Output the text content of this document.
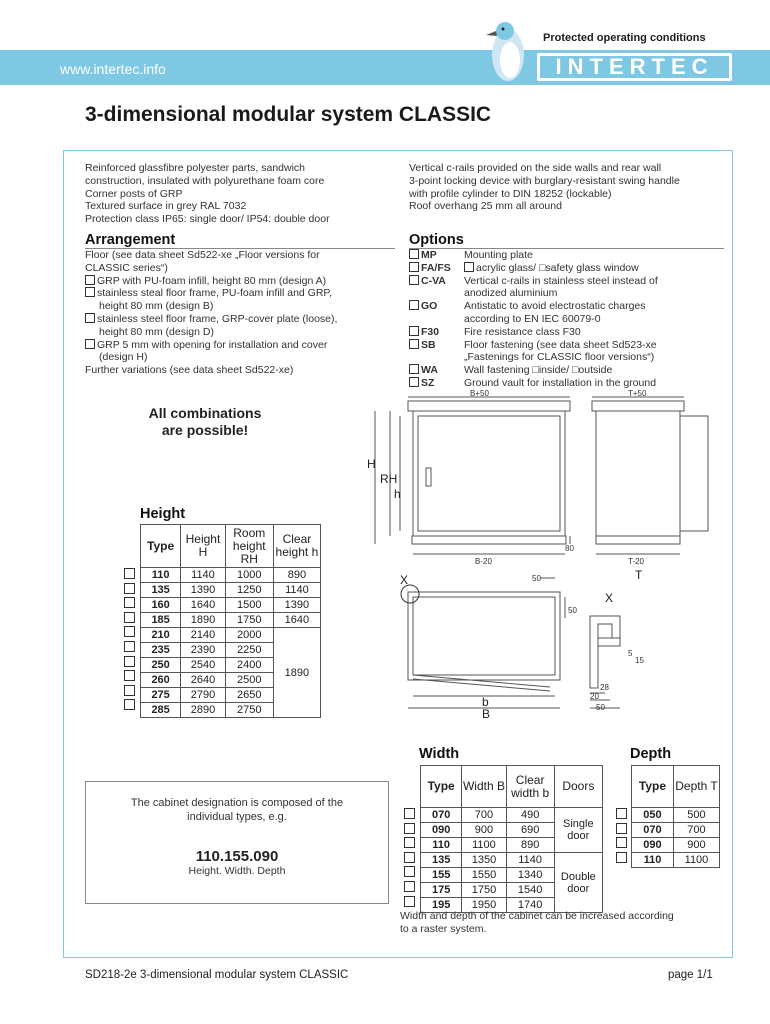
www.intertec.info
Protected operating conditions
INTERTEC
3-dimensional modular system CLASSIC
Reinforced glassfibre polyester parts, sandwich
construction, insulated with polyurethane foam core
Corner posts of GRP
Textured surface in grey RAL 7032
Protection class IP65: single door/ IP54: double door
Vertical c-rails provided on the side walls and rear wall
3-point locking device with burglary-resistant swing handle
with profile cylinder to DIN 18252 (lockable)
Roof overhang 25 mm all around
Arrangement
Floor (see data sheet Sd522-xe „Floor versions for
CLASSIC series“)
GRP with PU-foam infill, height 80 mm (design A)
stainless steal floor frame, PU-foam infill and GRP,
height 80 mm (design B)
stainless steel floor frame, GRP-cover plate (loose),
height 80 mm (design D)
GRP 5 mm with opening for installation and cover
(design H)
Further variations (see data sheet Sd522-xe)
Options
MP	Mounting plate
FA/FS	acrylic glass/ □safety glass window
C-VA Vertical c-rails in stainless steel instead of
anodized aluminium
GO	Antistatic to avoid electrostatic charges
according to EN IEC 60079-0
F30 Fire resistance class F30
SB	Floor fastening (see data sheet Sd523-xe
„Fastenings for CLASSIC floor versions“)
WA Wall fastening □inside/ □outside
SZ	Ground vault for installation in the ground
All combinations
are possible!
B+50	T+50
B-20	T-20
80
50
50
5
15
28
20
50
H
RH
h
T
X
X
B
b
Height
Type	Height H	Room height RH	Clear height h
110	1140	1000	890
135	1390	1250	1140
160	1640	1500	1390
185	1890	1750	1640
210	2140	2000	1890
235	2390	2250	
250	2540	2400	
260	2640	2500	
275	2790	2650	
285	2890	2750	
The cabinet designation is composed of the
individual types, e.g.
110.155.090
Height. Width. Depth
Width
Type	Width B	Clear width b	Doors
070	700	490	Single door
090	900	690	
110	1100	890	
135	1350	1140	Double door
155	1550	1340	
175	1750	1540	
195	1950	1740	
Depth
Type	Depth T
050	500
070	700
090	900
110	1100
Width and depth of the cabinet can be increased according
to a raster system.
SD218-2e 3-dimensional modular system CLASSIC	page 1/1
